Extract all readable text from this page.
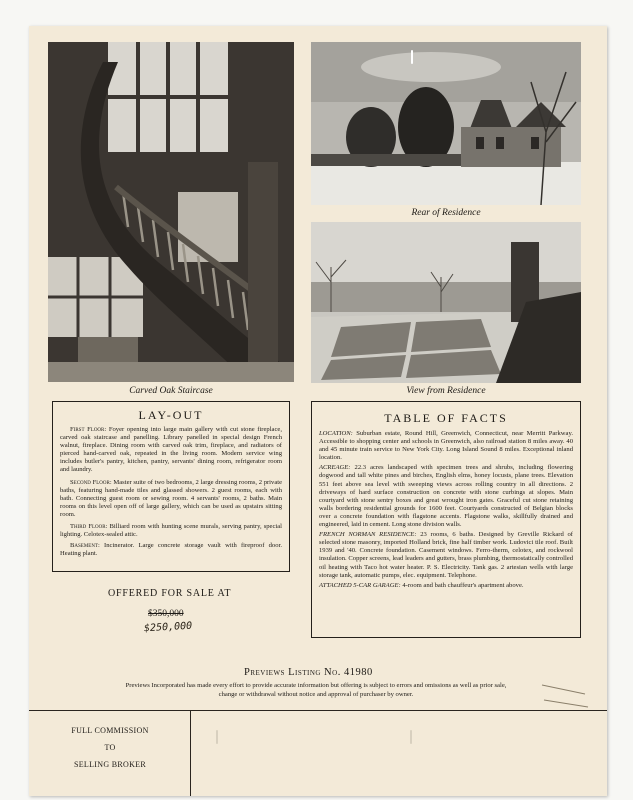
Carved Oak Staircase
Rear of Residence
View from Residence
LAY-OUT

First Floor: Foyer opening into large main gallery with cut stone fireplace, carved oak staircase and panelling. Library panelled in special design French walnut, fireplace. Dining room with carved oak trim, fireplace, and radiators of pierced hand-carved oak, repeated in the living room. Modern service wing includes butler's pantry, kitchen, pantry, servants' dining room, refrigerator room and laundry.

Second Floor: Master suite of two bedrooms, 2 large dressing rooms, 2 private baths, featuring hand-made tiles and glassed showers. 2 guest rooms, each with bath. Connecting guest room or sewing room. 4 servants' rooms, 2 baths. Main rooms on this level open off of large gallery, which can be used as upstairs sitting room.

Third Floor: Billiard room with hunting scene murals, serving pantry, special lighting. Celotex-sealed attic.

Basement: Incinerator. Large concrete storage vault with fireproof door. Heating plant.

TABLE OF FACTS

LOCATION: Suburban estate, Round Hill, Greenwich, Connecticut, near Merritt Parkway. Accessible to shopping center and schools in Greenwich, also railroad station 8 miles away. 40 and 45 minute train service to New York City. Long Island Sound 8 miles. Exceptional inland location.

ACREAGE: 22.3 acres landscaped with specimen trees and shrubs, including flowering dogwood and tall white pines and birches, English elms, honey locusts, plane trees. Elevation 551 feet above sea level with sweeping views across rolling country in all directions. 2 driveways of hard surface construction on concrete with stone curbings at slopes. Main courtyard with stone sentry boxes and great wrought iron gates. Graceful cut stone retaining walls bordering residential grounds for 1600 feet. Courtyards constructed of Belgian blocks over a concrete foundation with flagstone accents. Flagstone walks, skillfully drained and engineered, laid in cement. Long stone division walls.

FRENCH NORMAN RESIDENCE: 23 rooms, 6 baths. Designed by Greville Rickard of selected stone masonry, imported Holland brick, fine half timber work. Ludovici tile roof. Built 1939 and '40. Concrete foundation. Casement windows. Ferro-therm, celotex, and rockwool insulation. Copper screens, lead leaders and gutters, brass plumbing, thermostatically controlled oil heating with Taco hot water heater. P. S. Electricity. Tank gas. 2 artesian wells with large storage tank, automatic pumps, elec. equipment. Telephone.

ATTACHED 5-CAR GARAGE: 4-room and bath chauffeur's apartment above.

OFFERED FOR SALE AT
$350,000
$250,000
Previews Listing No. 41980
Previews Incorporated has made every effort to provide accurate information but offering is subject to errors and omissions as well as prior sale, change or withdrawal without notice and approval of purchaser by owner.
FULL COMMISSION
TO
SELLING BROKER
